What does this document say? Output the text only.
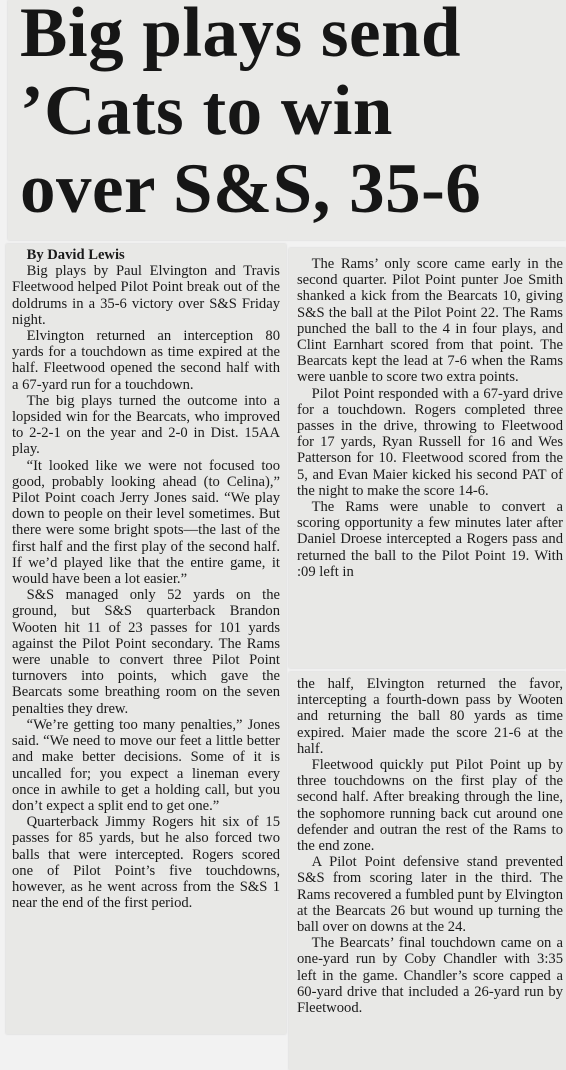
Big plays send
’Cats to win
over S&S, 35-6

By David Lewis

Big plays by Paul Elvington and Travis Fleetwood helped Pilot Point break out of the doldrums in a 35-6 victory over S&S Friday night.

Elvington returned an interception 80 yards for a touchdown as time expired at the half. Fleetwood opened the second half with a 67-yard run for a touchdown.

The big plays turned the outcome into a lopsided win for the Bearcats, who improved to 2-2-1 on the year and 2-0 in Dist. 15AA play.

“It looked like we were not focused too good, probably looking ahead (to Celina),” Pilot Point coach Jerry Jones said. “We play down to people on their level sometimes. But there were some bright spots—the last of the first half and the first play of the second half. If we’d played like that the entire game, it would have been a lot easier.”

S&S managed only 52 yards on the ground, but S&S quarterback Brandon Wooten hit 11 of 23 passes for 101 yards against the Pilot Point secondary. The Rams were unable to convert three Pilot Point turnovers into points, which gave the Bearcats some breathing room on the seven penalties they drew.

“We’re getting too many penalties,” Jones said. “We need to move our feet a little better and make better decisions. Some of it is uncalled for; you expect a lineman every once in awhile to get a holding call, but you don’t expect a split end to get one.”

Quarterback Jimmy Rogers hit six of 15 passes for 85 yards, but he also forced two balls that were intercepted. Rogers scored one of Pilot Point’s five touchdowns, however, as he went across from the S&S 1 near the end of the first period.

The Rams’ only score came early in the second quarter. Pilot Point punter Joe Smith shanked a kick from the Bearcats 10, giving S&S the ball at the Pilot Point 22. The Rams punched the ball to the 4 in four plays, and Clint Earnhart scored from that point. The Bearcats kept the lead at 7-6 when the Rams were uanble to score two extra points.

Pilot Point responded with a 67-yard drive for a touchdown. Rogers completed three passes in the drive, throwing to Fleetwood for 17 yards, Ryan Russell for 16 and Wes Patterson for 10. Fleetwood scored from the 5, and Evan Maier kicked his second PAT of the night to make the score 14-6.

The Rams were unable to convert a scoring opportunity a few minutes later after Daniel Droese intercepted a Rogers pass and returned the ball to the Pilot Point 19. With :09 left in

the half, Elvington returned the favor, intercepting a fourth-down pass by Wooten and returning the ball 80 yards as time expired. Maier made the score 21-6 at the half.

Fleetwood quickly put Pilot Point up by three touchdowns on the first play of the second half. After breaking through the line, the sophomore running back cut around one defender and outran the rest of the Rams to the end zone.

A Pilot Point defensive stand prevented S&S from scoring later in the third. The Rams recovered a fumbled punt by Elvington at the Bearcats 26 but wound up turning the ball over on downs at the 24.

The Bearcats’ final touchdown came on a one-yard run by Coby Chandler with 3:35 left in the game. Chandler’s score capped a 60-yard drive that included a 26-yard run by Fleetwood.
